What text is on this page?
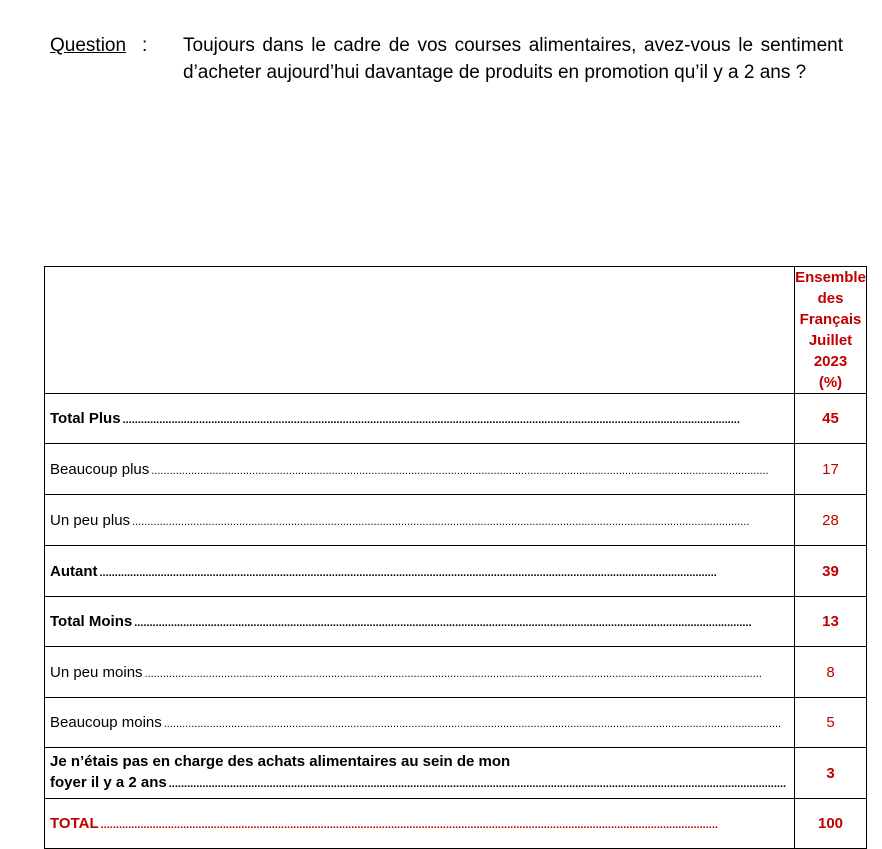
Question : Toujours dans le cadre de vos courses alimentaires, avez-vous le sentiment d’acheter aujourd’hui davantage de produits en promotion qu’il y a 2 ans ?

	Ensemble des Français
Juillet 2023
(%)

Total Plus
.....	45

Beaucoup plus
.....	17

Un peu plus
.....	28

Autant
.....	39

Total Moins
.....	13

Un peu moins
.....	8

Beaucoup moins
.....	5

Je n’étais pas en charge des achats alimentaires au sein de mon
foyer il y a 2 ans
.....	3

TOTAL
.....	100
